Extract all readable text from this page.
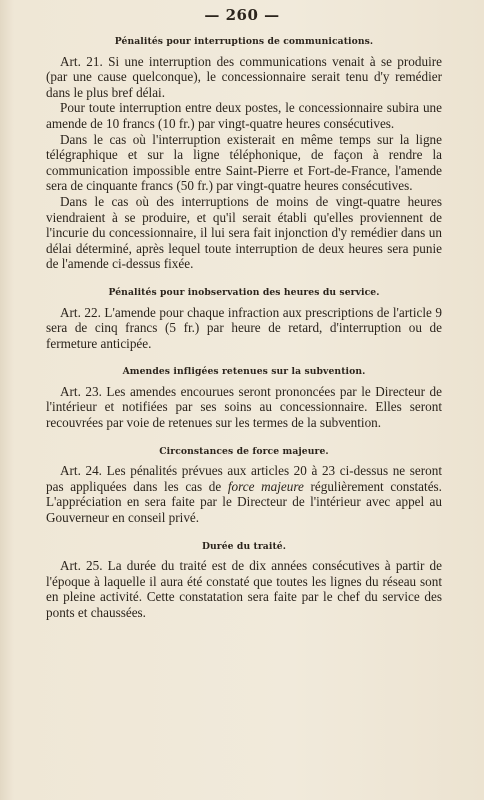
— 260 —
Pénalités pour interruptions de communications.

Art. 21. Si une interruption des communications venait à se produire (par une cause quelconque), le concessionnaire serait tenu d'y remédier dans le plus bref délai.

Pour toute interruption entre deux postes, le concessionnaire subira une amende de 10 francs (10 fr.) par vingt-quatre heures consécutives.

Dans le cas où l'interruption existerait en même temps sur la ligne télégraphique et sur la ligne téléphonique, de façon à rendre la communication impossible entre Saint-Pierre et Fort-de-France, l'amende sera de cinquante francs (50 fr.) par vingt-quatre heures consécutives.

Dans le cas où des interruptions de moins de vingt-quatre heures viendraient à se produire, et qu'il serait établi qu'elles proviennent de l'incurie du concessionnaire, il lui sera fait injonction d'y remédier dans un délai déterminé, après lequel toute interruption de deux heures sera punie de l'amende ci-dessus fixée.

Pénalités pour inobservation des heures du service.

Art. 22. L'amende pour chaque infraction aux prescriptions de l'article 9 sera de cinq francs (5 fr.) par heure de retard, d'interruption ou de fermeture anticipée.

Amendes infligées retenues sur la subvention.

Art. 23. Les amendes encourues seront prononcées par le Directeur de l'intérieur et notifiées par ses soins au concessionnaire. Elles seront recouvrées par voie de retenues sur les termes de la subvention.

Circonstances de force majeure.

Art. 24. Les pénalités prévues aux articles 20 à 23 ci-dessus ne seront pas appliquées dans les cas de force majeure régulièrement constatés. L'appréciation en sera faite par le Directeur de l'intérieur avec appel au Gouverneur en conseil privé.

Durée du traité.

Art. 25. La durée du traité est de dix années consécutives à partir de l'époque à laquelle il aura été constaté que toutes les lignes du réseau sont en pleine activité. Cette constatation sera faite par le chef du service des ponts et chaussées.
